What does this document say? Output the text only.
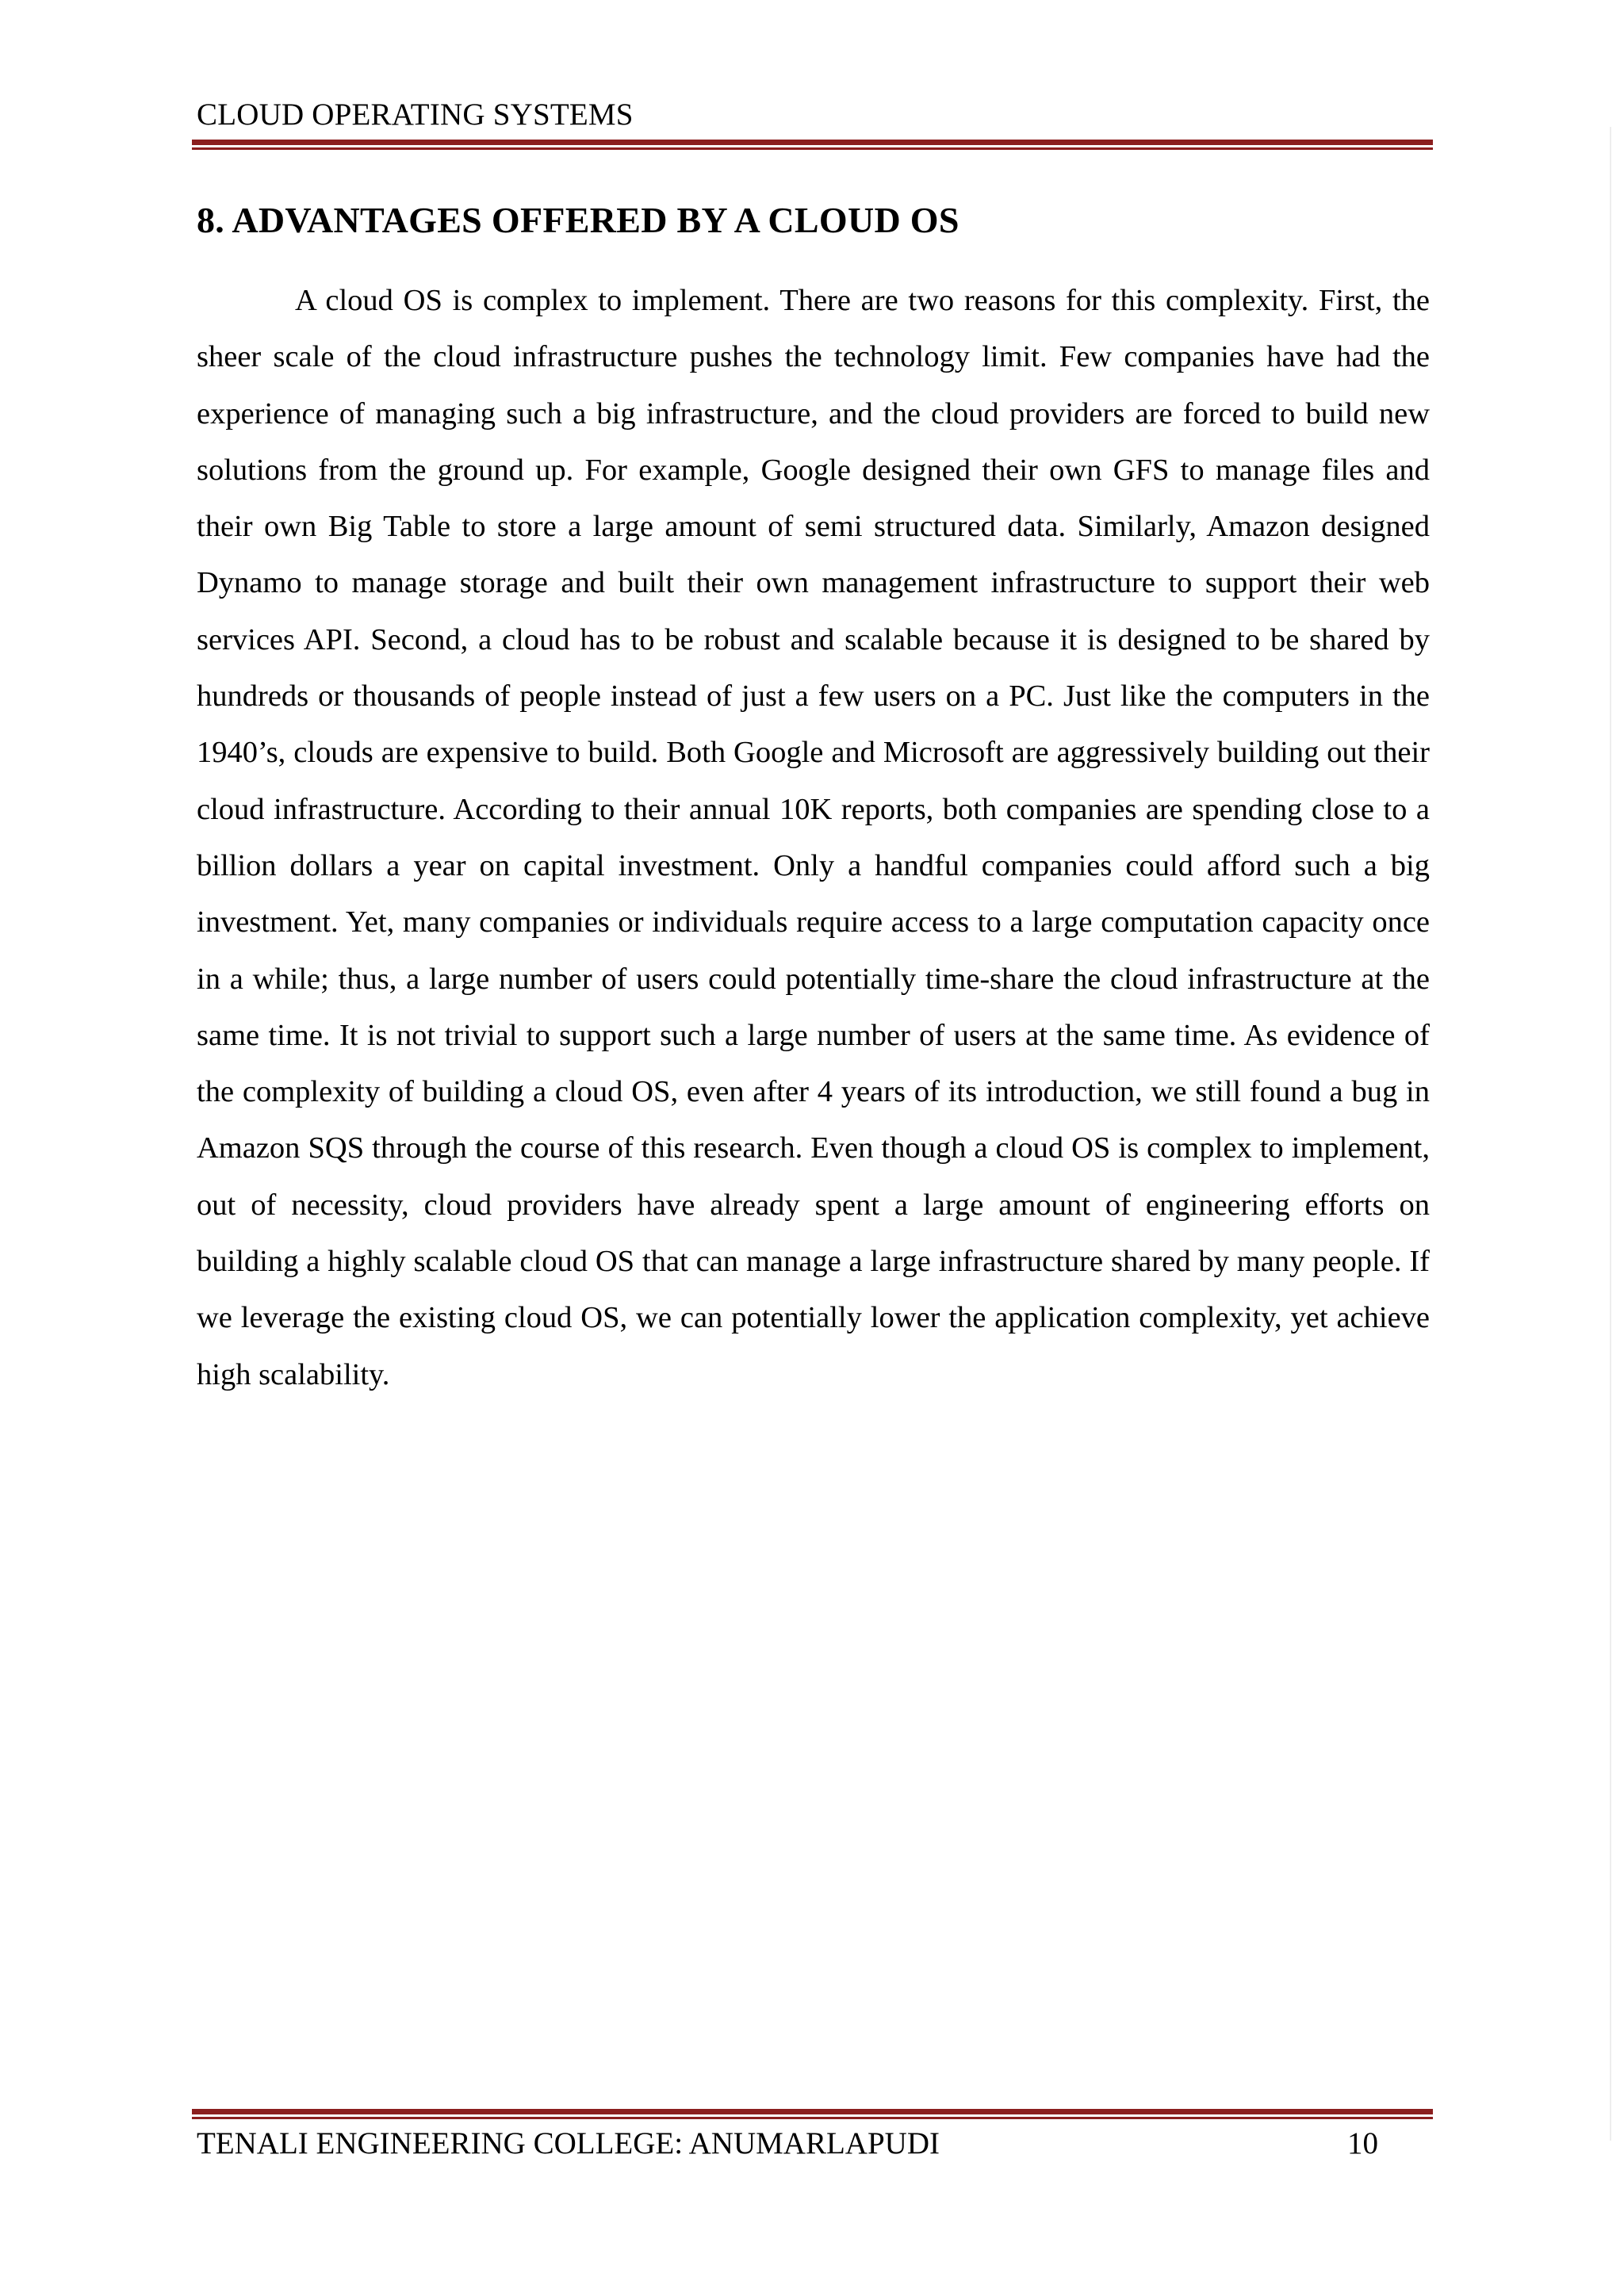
CLOUD OPERATING SYSTEMS
8. ADVANTAGES OFFERED BY A CLOUD OS

A cloud OS is complex to implement. There are two reasons for this complexity. First, the sheer scale of the cloud infrastructure pushes the technology limit. Few companies have had the experience of managing such a big infrastructure, and the cloud providers are forced to build new solutions from the ground up. For example, Google designed their own GFS to manage files and their own Big Table to store a large amount of semi structured data. Similarly, Amazon designed Dynamo to manage storage and built their own management infrastructure to support their web services API. Second, a cloud has to be robust and scalable because it is designed to be shared by hundreds or thousands of people instead of just a few users on a PC. Just like the computers in the 1940’s, clouds are expensive to build. Both Google and Microsoft are aggressively building out their cloud infrastructure. According to their annual 10K reports, both companies are spending close to a billion dollars a year on capital investment. Only a handful companies could afford such a big investment. Yet, many companies or individuals require access to a large computation capacity once in a while; thus, a large number of users could potentially time-share the cloud infrastructure at the same time. It is not trivial to support such a large number of users at the same time. As evidence of the complexity of building a cloud OS, even after 4 years of its introduction, we still found a bug in Amazon SQS through the course of this research. Even though a cloud OS is complex to implement, out of necessity, cloud providers have already spent a large amount of engineering efforts on building a highly scalable cloud OS that can manage a large infrastructure shared by many people. If we leverage the existing cloud OS, we can potentially lower the application complexity, yet achieve high scalability.

TENALI ENGINEERING COLLEGE: ANUMARLAPUDI	10
